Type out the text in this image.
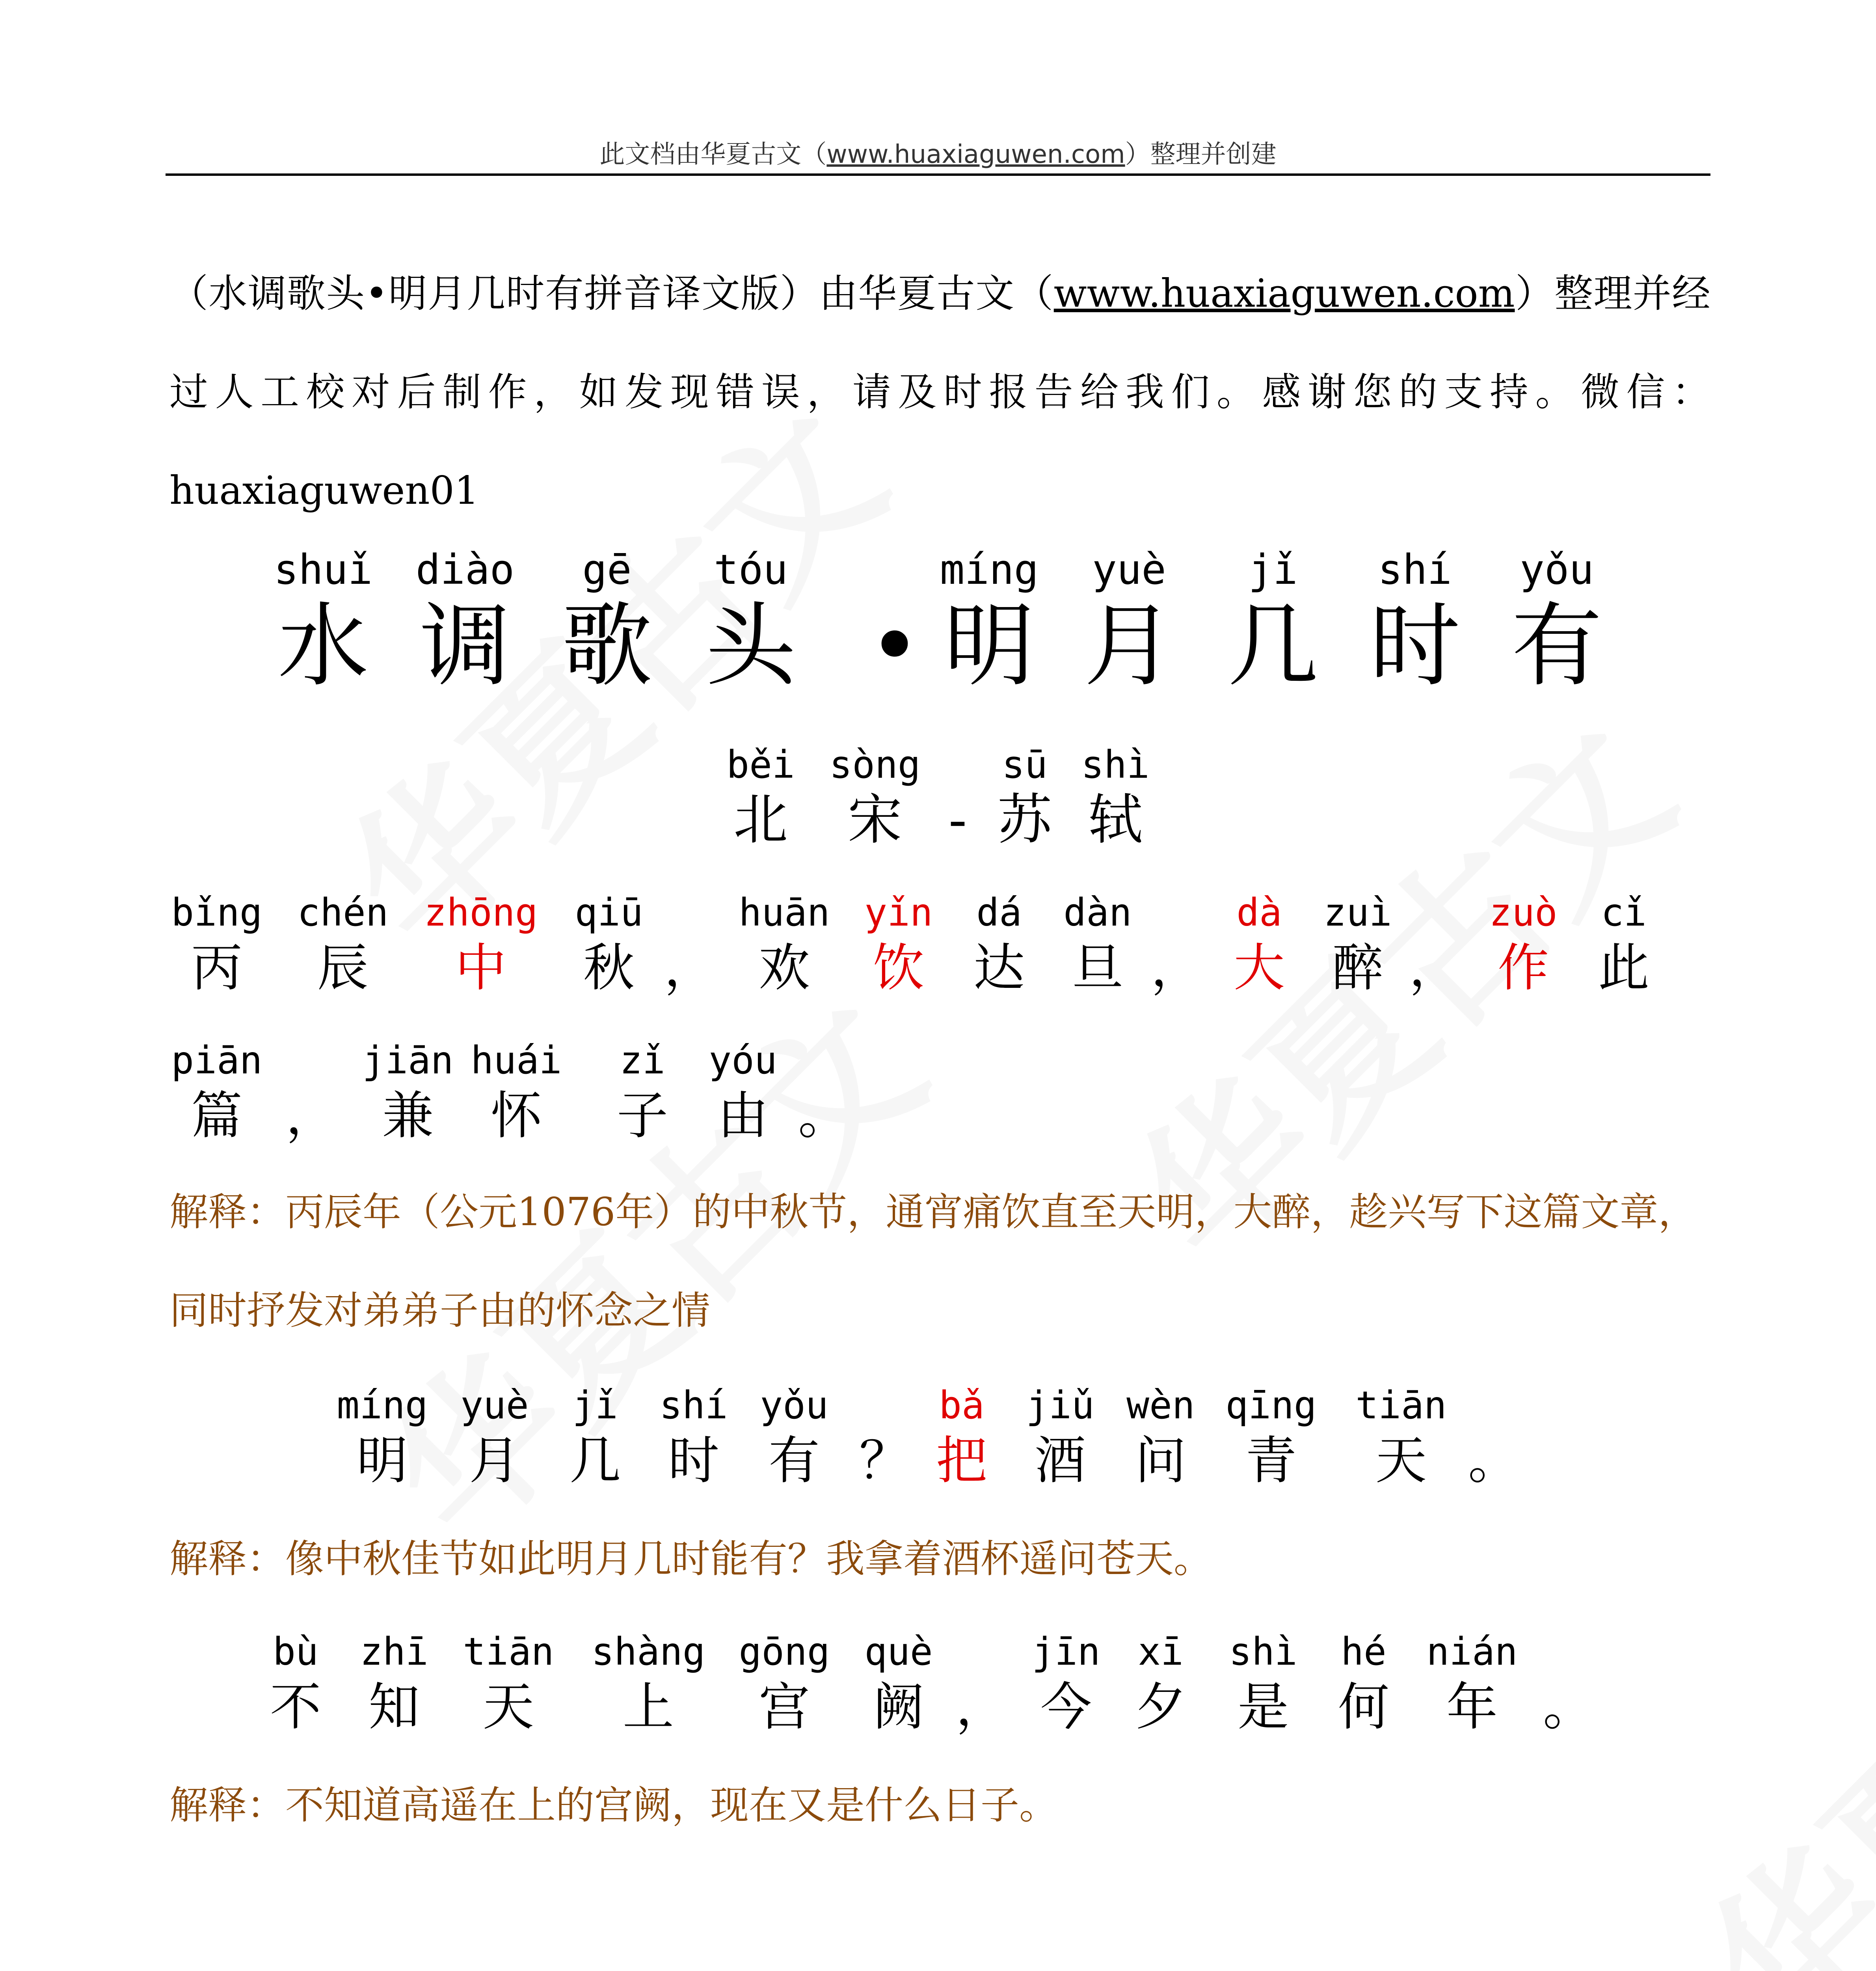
此文档由华夏古文（www.huaxiaguwen.com）整理并创建
（水调歌头•明月几时有拼音译文版）由华夏古文（www.huaxiaguwen.com）整理并经过人工校对后制作，如发现错误，请及时报告给我们。感谢您的支持。微信：huaxiaguwen01
shuǐ
水
diào
调
gē
歌
tóu
头
•
míng
明
yuè
月
jǐ
几
shí
时
yǒu
有
běi
北
sòng
宋
-
sū
苏
shì
轼
bǐng
丙
chén
辰
zhōng
中
qiū
秋
，
huān
欢
yǐn
饮
dá
达
dàn
旦
，
dà
大
zuì
醉
，
zuò
作
cǐ
此
piān
篇
，
jiān
兼
huái
怀
zǐ
子
yóu
由
。
解释：丙辰年（公元1076年）的中秋节，通宵痛饮直至天明，大醉，趁兴写下这篇文章，同时抒发对弟弟子由的怀念之情
míng
明
yuè
月
jǐ
几
shí
时
yǒu
有
？
bǎ
把
jiǔ
酒
wèn
问
qīng
青
tiān
天
。
解释：像中秋佳节如此明月几时能有？我拿着酒杯遥问苍天。
bù
不
zhī
知
tiān
天
shàng
上
gōng
宫
què
阙
，
jīn
今
xī
夕
shì
是
hé
何
nián
年
。
解释：不知道高遥在上的宫阙，现在又是什么日子。
